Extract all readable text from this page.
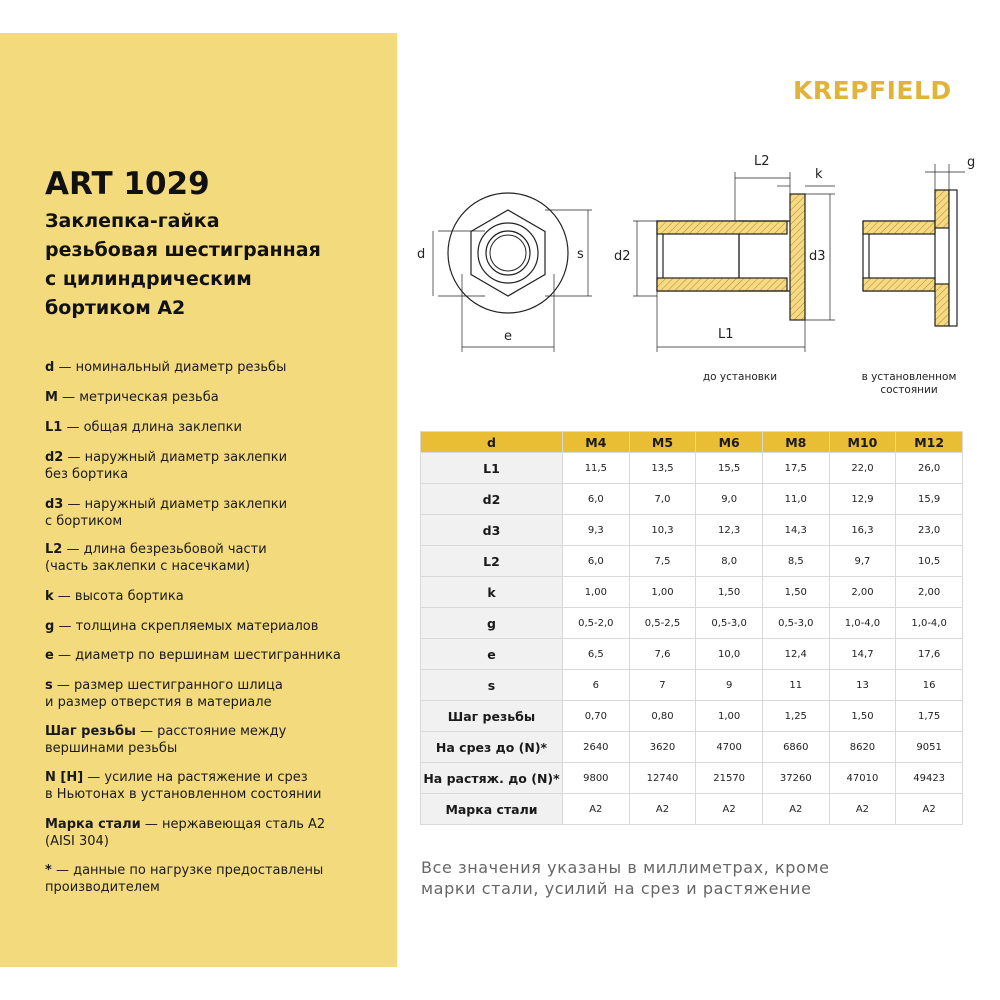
ART 1029
Заклепка-гайка
резьбовая шестигранная
с цилиндрическим
бортиком A2
d — номинальный диаметр резьбы
M — метрическая резьба
L1 — общая длина заклепки
d2 — наружный диаметр заклепки
без бортика
d3 — наружный диаметр заклепки
с бортиком
L2 — длина безрезьбовой части
(часть заклепки с насечками)
k — высота бортика
g — толщина скрепляемых материалов
e — диаметр по вершинам шестигранника
s — размер шестигранного шлица
и размер отверстия в материале
Шаг резьбы — расстояние между
вершинами резьбы
N [Н] — усилие на растяжение и срез
в Ньютонах в установленном состоянии
Марка стали — нержавеющая сталь A2
(AISI 304)
* — данные по нагрузке предоставлены
производителем
KREPFIELD
d	s
e
d2	d3
L1
L2
k
g
до установки	в установленном
состоянии
d	M4	M5	M6	M8	M10	M12
L1	11,5	13,5	15,5	17,5	22,0	26,0
d2	6,0	7,0	9,0	11,0	12,9	15,9
d3	9,3	10,3	12,3	14,3	16,3	23,0
L2	6,0	7,5	8,0	8,5	9,7	10,5
k	1,00	1,00	1,50	1,50	2,00	2,00
g	0,5-2,0	0,5-2,5	0,5-3,0	0,5-3,0	1,0-4,0	1,0-4,0
e	6,5	7,6	10,0	12,4	14,7	17,6
s	6	7	9	11	13	16
Шаг резьбы	0,70	0,80	1,00	1,25	1,50	1,75
На срез до (N)*	2640	3620	4700	6860	8620	9051
На растяж. до (N)*	9800	12740	21570	37260	47010	49423
Марка стали	A2	A2	A2	A2	A2	A2
Все значения указаны в миллиметрах, кроме
марки стали, усилий на срез и растяжение
